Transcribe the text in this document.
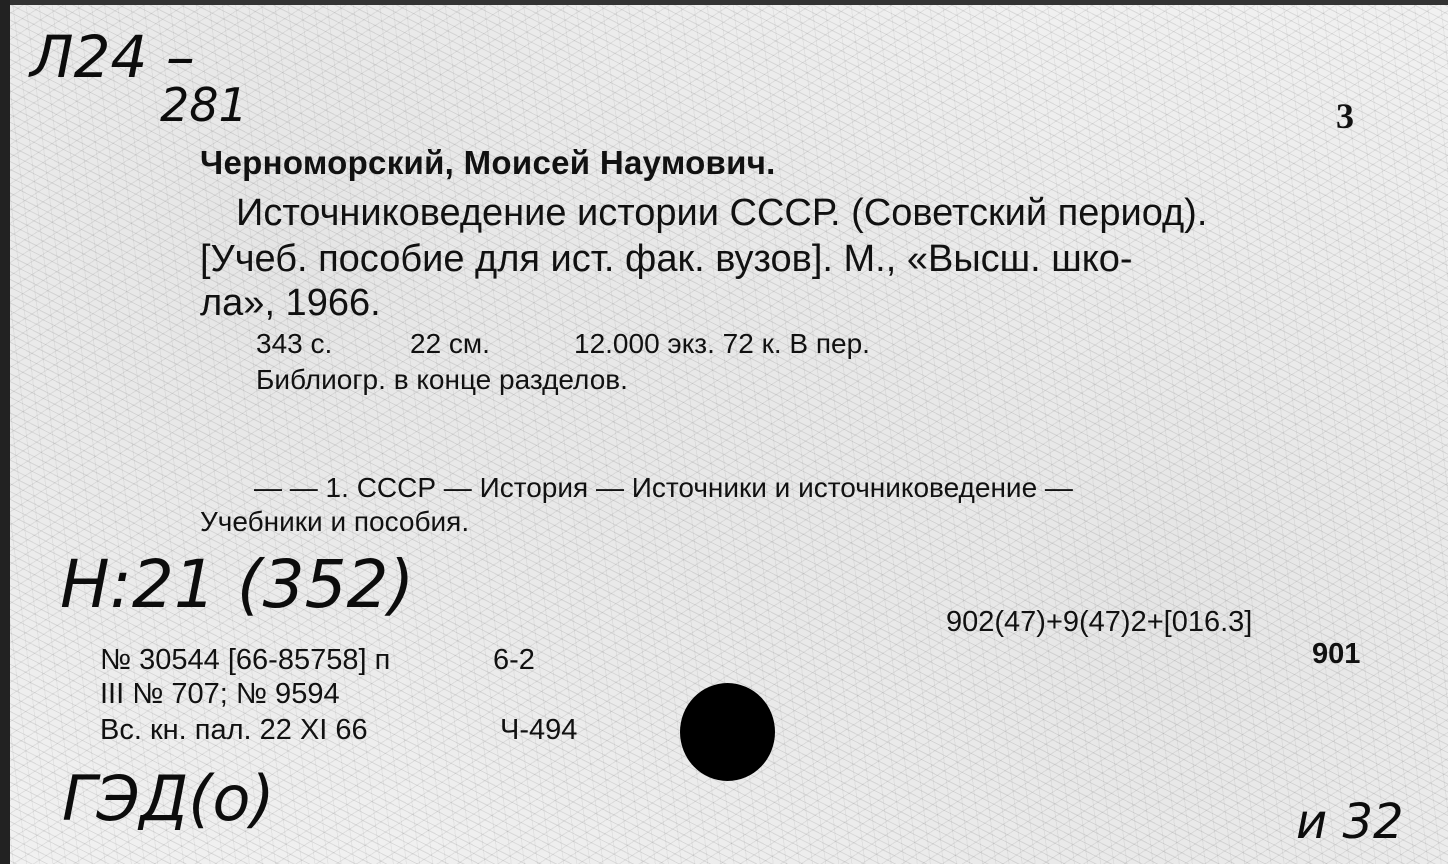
Л24 –
281	3
Черноморский, Моисей Наумович.
Источниковедение истории СССР. (Советский период).
[Учеб. пособие для ист. фак. вузов]. М., «Высш. шко-
ла», 1966.
343 с.	22 см.	12.000 экз. 72 к. В пер.
Библиогр. в конце разделов.
— — 1. СССР — История — Источники и источниковедение —
Учебники и пособия.
H:21 (352)	902(47)+9(47)2+[016.3]
901
№ 30544 [66-85758] п	6-2
III № 707; № 9594
Вс. кн. пал. 22 XI 66	Ч-494
ГЭД(о)	и 32
